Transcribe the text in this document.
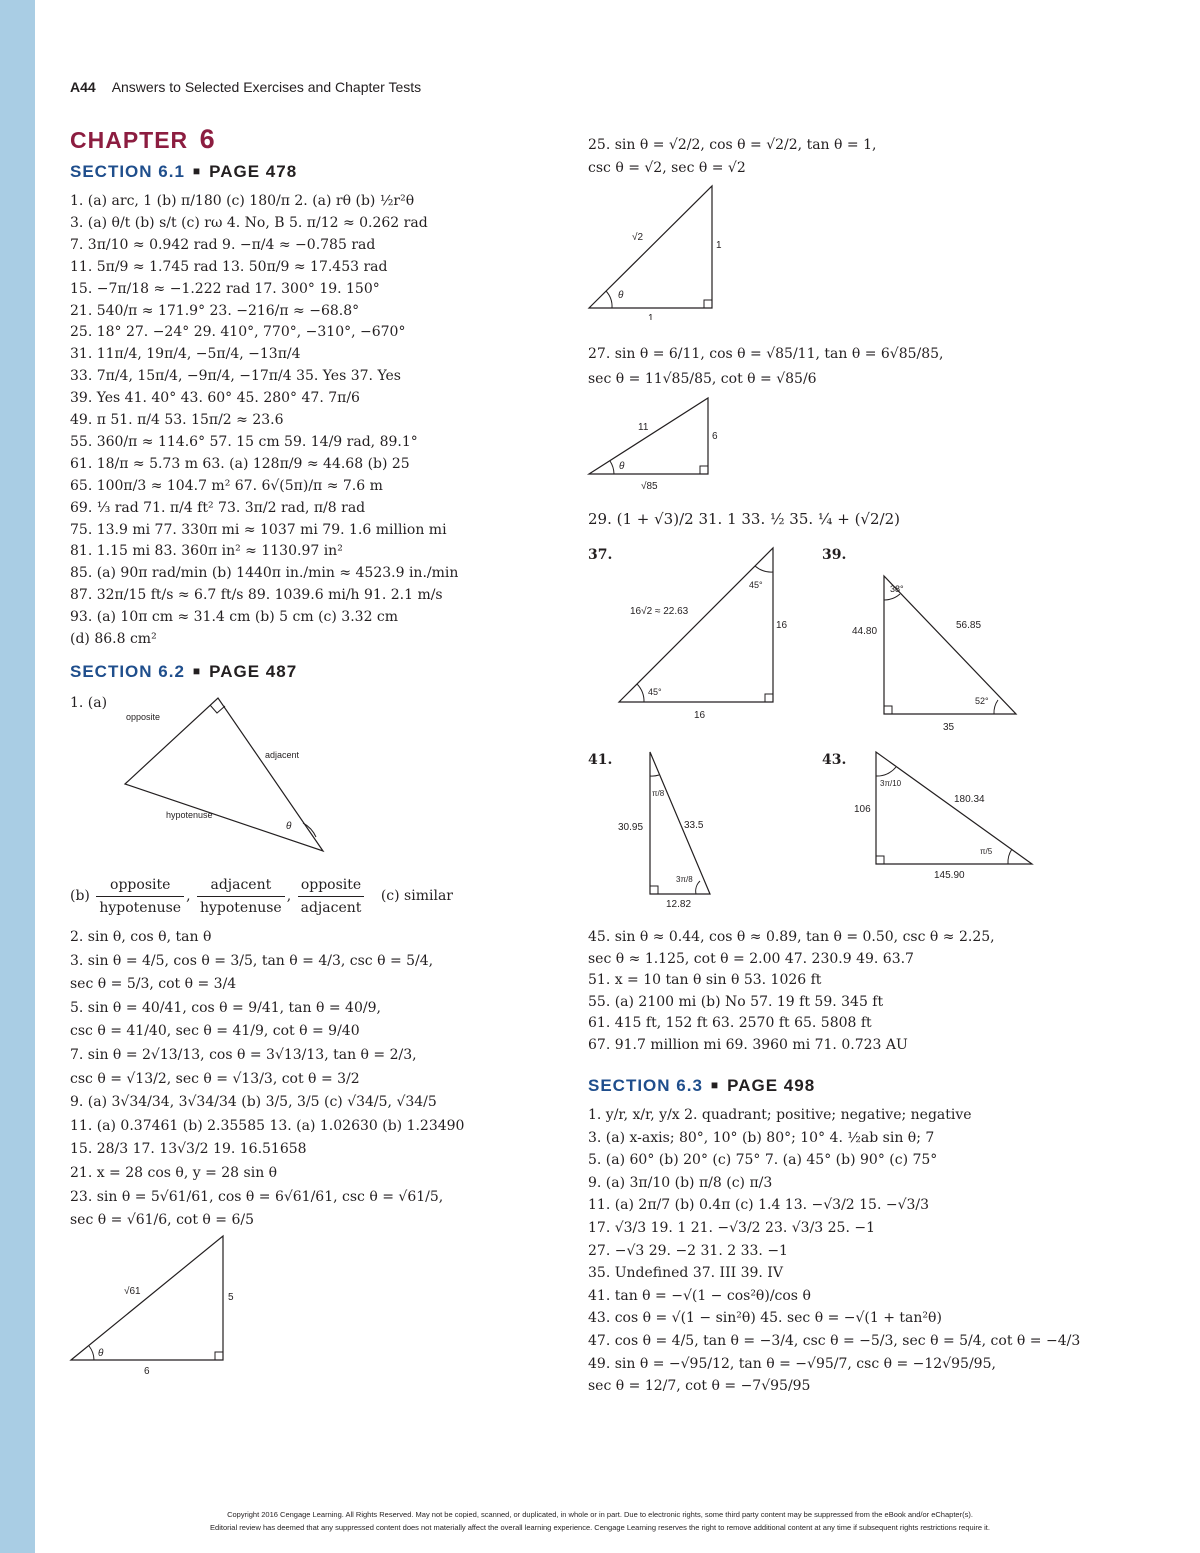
A44 Answers to Selected Exercises and Chapter Tests
CHAPTER 6
SECTION 6.1 ■ PAGE 478
1. (a) arc, 1 (b) π/180 (c) 180/π 2. (a) rθ (b) ½r²θ
3. (a) θ/t (b) s/t (c) rω 4. No, B 5. π/12 ≈ 0.262 rad
7. 3π/10 ≈ 0.942 rad 9. −π/4 ≈ −0.785 rad
11. 5π/9 ≈ 1.745 rad 13. 50π/9 ≈ 17.453 rad
15. −7π/18 ≈ −1.222 rad 17. 300° 19. 150°
21. 540/π ≈ 171.9° 23. −216/π ≈ −68.8°
25. 18° 27. −24° 29. 410°, 770°, −310°, −670°
31. 11π/4, 19π/4, −5π/4, −13π/4
33. 7π/4, 15π/4, −9π/4, −17π/4 35. Yes 37. Yes
39. Yes 41. 40° 43. 60° 45. 280° 47. 7π/6
49. π 51. π/4 53. 15π/2 ≈ 23.6
55. 360/π ≈ 114.6° 57. 15 cm 59. 14/9 rad, 89.1°
61. 18/π ≈ 5.73 m 63. (a) 128π/9 ≈ 44.68 (b) 25
65. 100π/3 ≈ 104.7 m² 67. 6√(5π)/π ≈ 7.6 m
69. ⅓ rad 71. π/4 ft² 73. 3π/2 rad, π/8 rad
75. 13.9 mi 77. 330π mi ≈ 1037 mi 79. 1.6 million mi
81. 1.15 mi 83. 360π in² ≈ 1130.97 in²
85. (a) 90π rad/min (b) 1440π in./min ≈ 4523.9 in./min
87. 32π/15 ft/s ≈ 6.7 ft/s 89. 1039.6 mi/h 91. 2.1 m/s
93. (a) 10π cm ≈ 31.4 cm (b) 5 cm (c) 3.32 cm
(d) 86.8 cm²
SECTION 6.2 ■ PAGE 487
1. (a)
opposite
adjacent
hypotenuse
θ
$(b) \frac{\text{opposite}}{\text{hypotenuse}}$ , $\frac{\text{adjacent}}{\text{hypotenuse}}$ , $\frac{\text{opposite}}{\text{adjacent}} (c)$ similar
2. sin θ, cos θ, tan θ
3. sin θ = 4/5, cos θ = 3/5, tan θ = 4/3, csc θ = 5/4,
sec θ = 5/3, cot θ = 3/4
5. sin θ = 40/41, cos θ = 9/41, tan θ = 40/9,
csc θ = 41/40, sec θ = 41/9, cot θ = 9/40
7. sin θ = 2√13/13, cos θ = 3√13/13, tan θ = 2/3,
csc θ = √13/2, sec θ = √13/3, cot θ = 3/2
9. (a) 3√34/34, 3√34/34 (b) 3/5, 3/5 (c) √34/5, √34/5
11. (a) 0.37461 (b) 2.35585 13. (a) 1.02630 (b) 1.23490
15. 28/3 17. 13√3/2 19. 16.51658
21. x = 28 cos θ, y = 28 sin θ
23. sin θ = 5√61/61, cos θ = 6√61/61, csc θ = √61/5,
sec θ = √61/6, cot θ = 6/5
√61
5
6
θ
25. sin θ = √2/2, cos θ = √2/2, tan θ = 1,
csc θ = √2, sec θ = √2
√2
1
1
θ
27. sin θ = 6/11, cos θ = √85/11, tan θ = 6√85/85,
sec θ = 11√85/85, cot θ = √85/6
11
6
√85
θ
29. (1 + √3)/2 31. 1 33. ½ 35. ¼ + (√2/2)
37.
16√2 ≈ 22.63
16
16
45°
45°
39.
44.80
56.85
35
38°
52°
41.
30.95	33.5
12.82
π/8
3π/8
43.
106
180.34
145.90
3π/10
π/5
45. sin θ ≈ 0.44, cos θ ≈ 0.89, tan θ = 0.50, csc θ ≈ 2.25,
sec θ ≈ 1.125, cot θ = 2.00 47. 230.9 49. 63.7
51. x = 10 tan θ sin θ 53. 1026 ft
55. (a) 2100 mi (b) No 57. 19 ft 59. 345 ft
61. 415 ft, 152 ft 63. 2570 ft 65. 5808 ft
67. 91.7 million mi 69. 3960 mi 71. 0.723 AU
SECTION 6.3 ■ PAGE 498
1. y/r, x/r, y/x 2. quadrant; positive; negative; negative
3. (a) x-axis; 80°, 10° (b) 80°; 10° 4. ½ab sin θ; 7
5. (a) 60° (b) 20° (c) 75° 7. (a) 45° (b) 90° (c) 75°
9. (a) 3π/10 (b) π/8 (c) π/3
11. (a) 2π/7 (b) 0.4π (c) 1.4 13. −√3/2 15. −√3/3
17. √3/3 19. 1 21. −√3/2 23. √3/3 25. −1
27. −√3 29. −2 31. 2 33. −1
35. Undefined 37. III 39. IV
41. tan θ = −√(1 − cos²θ)/cos θ
43. cos θ = √(1 − sin²θ) 45. sec θ = −√(1 + tan²θ)
47. cos θ = 4/5, tan θ = −3/4, csc θ = −5/3, sec θ = 5/4, cot θ = −4/3
49. sin θ = −√95/12, tan θ = −√95/7, csc θ = −12√95/95,
sec θ = 12/7, cot θ = −7√95/95
Copyright 2016 Cengage Learning. All Rights Reserved. May not be copied, scanned, or duplicated, in whole or in part. Due to electronic rights, some third party content may be suppressed from the eBook and/or eChapter(s).
Editorial review has deemed that any suppressed content does not materially affect the overall learning experience. Cengage Learning reserves the right to remove additional content at any time if subsequent rights restrictions require it.
